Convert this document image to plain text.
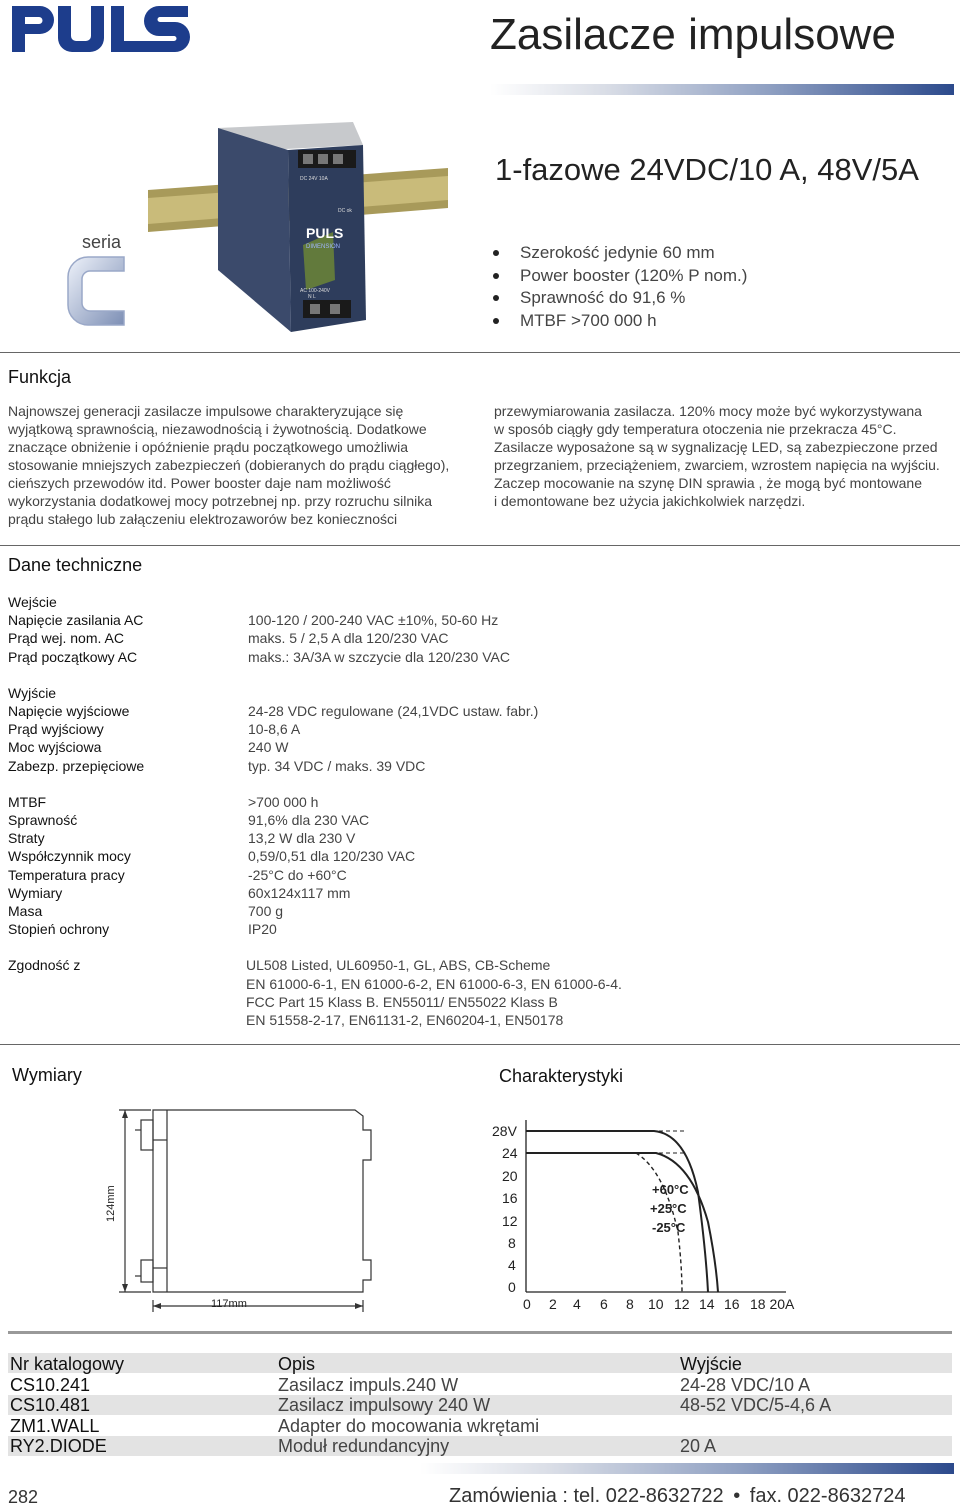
Zasilacze impulsowe
PULS
DIMENSION
DC 24V 10A
DC ok
AC 100-240V
N L
seria
1-fazowe 24VDC/10 A, 48V/5A
Szerokość jedynie 60 mm
Power booster (120% P nom.)
Sprawność do 91,6 %
MTBF >700 000 h
Funkcja
Najnowszej generacji zasilacze impulsowe charakteryzujące się
wyjątkową sprawnością, niezawodnością i żywotnością. Dodatkowe
znaczące obniżenie i opóźnienie prądu początkowego umożliwia
stosowanie mniejszych zabezpieczeń (dobieranych do prądu ciągłego),
cieńszych przewodów itd. Power booster daje nam możliwość
wykorzystania dodatkowej mocy potrzebnej np. przy rozruchu silnika
prądu stałego lub załączeniu elektrozaworów bez konieczności
przewymiarowania zasilacza. 120% mocy może być wykorzystywana
w sposób ciągły gdy temperatura otoczenia nie przekracza 45°C.
Zasilacze wyposażone są w sygnalizację LED, są zabezpieczone przed
przegrzaniem, przeciążeniem, zwarciem, wzrostem napięcia na wyjściu.
Zaczep mocowanie na szynę DIN sprawia , że mogą być montowane
i demontowane bez użycia jakichkolwiek narzędzi.
Dane techniczne
Wejście
Napięcie zasilania AC	100-120 / 200-240 VAC ±10%, 50-60 Hz
Prąd wej. nom. AC	maks. 5 / 2,5 A dla 120/230 VAC
Prąd początkowy AC	maks.: 3A/3A w szczycie dla 120/230 VAC
Wyjście
Napięcie wyjściowe	24-28 VDC regulowane (24,1VDC ustaw. fabr.)
Prąd wyjściowy	10-8,6 A
Moc wyjściowa	240 W
Zabezp. przepięciowe	typ. 34 VDC / maks. 39 VDC
MTBF	>700 000 h
Sprawność	91,6% dla 230 VAC
Straty	13,2 W dla 230 V
Współczynnik mocy	0,59/0,51 dla 120/230 VAC
Temperatura pracy	-25°C do +60°C
Wymiary	60x124x117 mm
Masa	700 g
Stopień ochrony	IP20
Zgodność z	UL508 Listed, UL60950-1, GL, ABS, CB-Scheme
EN 61000-6-1, EN 61000-6-2, EN 61000-6-3, EN 61000-6-4.
FCC Part 15 Klass B. EN55011/ EN55022 Klass B
EN 51558-2-17, EN61131-2, EN60204-1, EN50178
Wymiary	Charakterystyki
124mm
117mm
28V
24
20
16
12
8
4
0
0 2 4 6 8 10 12 14 16 18 20A
+60°C
+25°C
-25°C
Nr katalogowy	Opis	Wyjście
CS10.241	Zasilacz impuls.240 W	24-28 VDC/10 A
CS10.481	Zasilacz impulsowy 240 W	48-52 VDC/5-4,6 A
ZM1.WALL	Adapter do mocowania wkrętami
RY2.DIODE	Moduł redundancyjny	20 A
282	Zamówienia : tel. 022-8632722 • fax. 022-8632724
